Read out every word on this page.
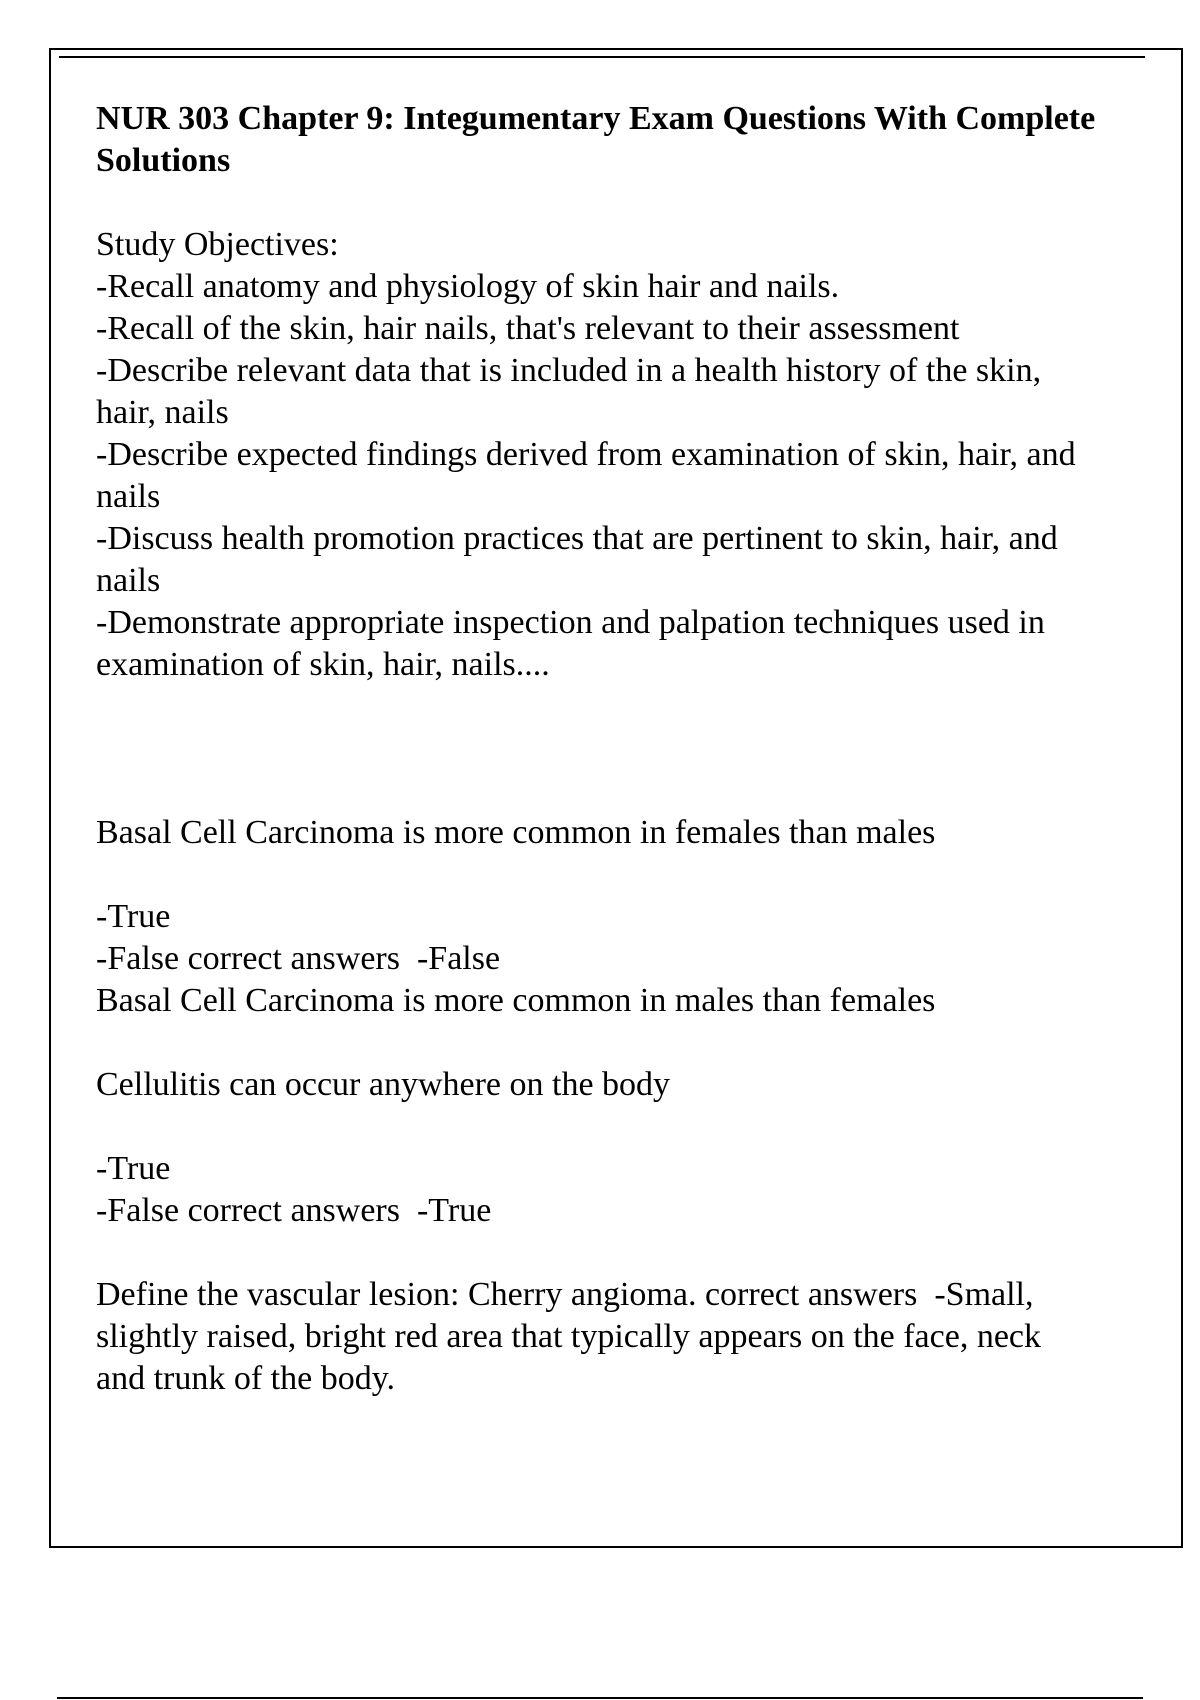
NUR 303 Chapter 9: Integumentary Exam Questions With Complete Solutions

Study Objectives:

-Recall anatomy and physiology of skin hair and nails.

-Recall of the skin, hair nails, that's relevant to their assessment

-Describe relevant data that is included in a health history of the skin, hair, nails

-Describe expected findings derived from examination of skin, hair, and nails

-Discuss health promotion practices that are pertinent to skin, hair, and nails

-Demonstrate appropriate inspection and palpation techniques used in examination of skin, hair, nails....

Basal Cell Carcinoma is more common in females than males

-True

-False correct answers  -False

Basal Cell Carcinoma is more common in males than females

Cellulitis can occur anywhere on the body

-True

-False correct answers  -True

Define the vascular lesion: Cherry angioma. correct answers  -Small, slightly raised, bright red area that typically appears on the face, neck and trunk of the body.
